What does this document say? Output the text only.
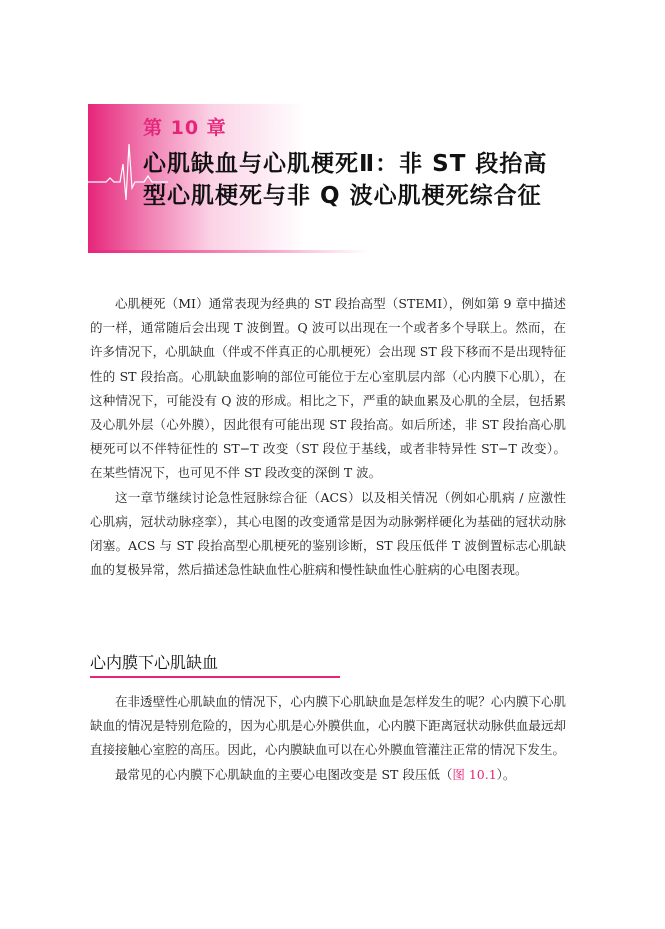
第 10 章
心肌缺血与心肌梗死Ⅱ：非 ST 段抬高型心肌梗死与非 Q 波心肌梗死综合征

心肌梗死（MI）通常表现为经典的 ST 段抬高型（STEMI），例如第 9 章中描述的一样，通常随后会出现 T 波倒置。Q 波可以出现在一个或者多个导联上。然而，在许多情况下，心肌缺血（伴或不伴真正的心肌梗死）会出现 ST 段下移而不是出现特征性的 ST 段抬高。心肌缺血影响的部位可能位于左心室肌层内部（心内膜下心肌），在这种情况下，可能没有 Q 波的形成。相比之下，严重的缺血累及心肌的全层，包括累及心肌外层（心外膜），因此很有可能出现 ST 段抬高。如后所述，非 ST 段抬高心肌梗死可以不伴特征性的 ST−T 改变（ST 段位于基线，或者非特异性 ST−T 改变）。在某些情况下，也可见不伴 ST 段改变的深倒 T 波。

这一章节继续讨论急性冠脉综合征（ACS）以及相关情况（例如心肌病 / 应激性心肌病，冠状动脉痉挛），其心电图的改变通常是因为动脉粥样硬化为基础的冠状动脉闭塞。ACS 与 ST 段抬高型心肌梗死的鉴别诊断，ST 段压低伴 T 波倒置标志心肌缺血的复极异常，然后描述急性缺血性心脏病和慢性缺血性心脏病的心电图表现。

心内膜下心肌缺血

在非透壁性心肌缺血的情况下，心内膜下心肌缺血是怎样发生的呢？心内膜下心肌缺血的情况是特别危险的，因为心肌是心外膜供血，心内膜下距离冠状动脉供血最远却直接接触心室腔的高压。因此，心内膜缺血可以在心外膜血管灌注正常的情况下发生。

最常见的心内膜下心肌缺血的主要心电图改变是 ST 段压低（图 10.1）。
